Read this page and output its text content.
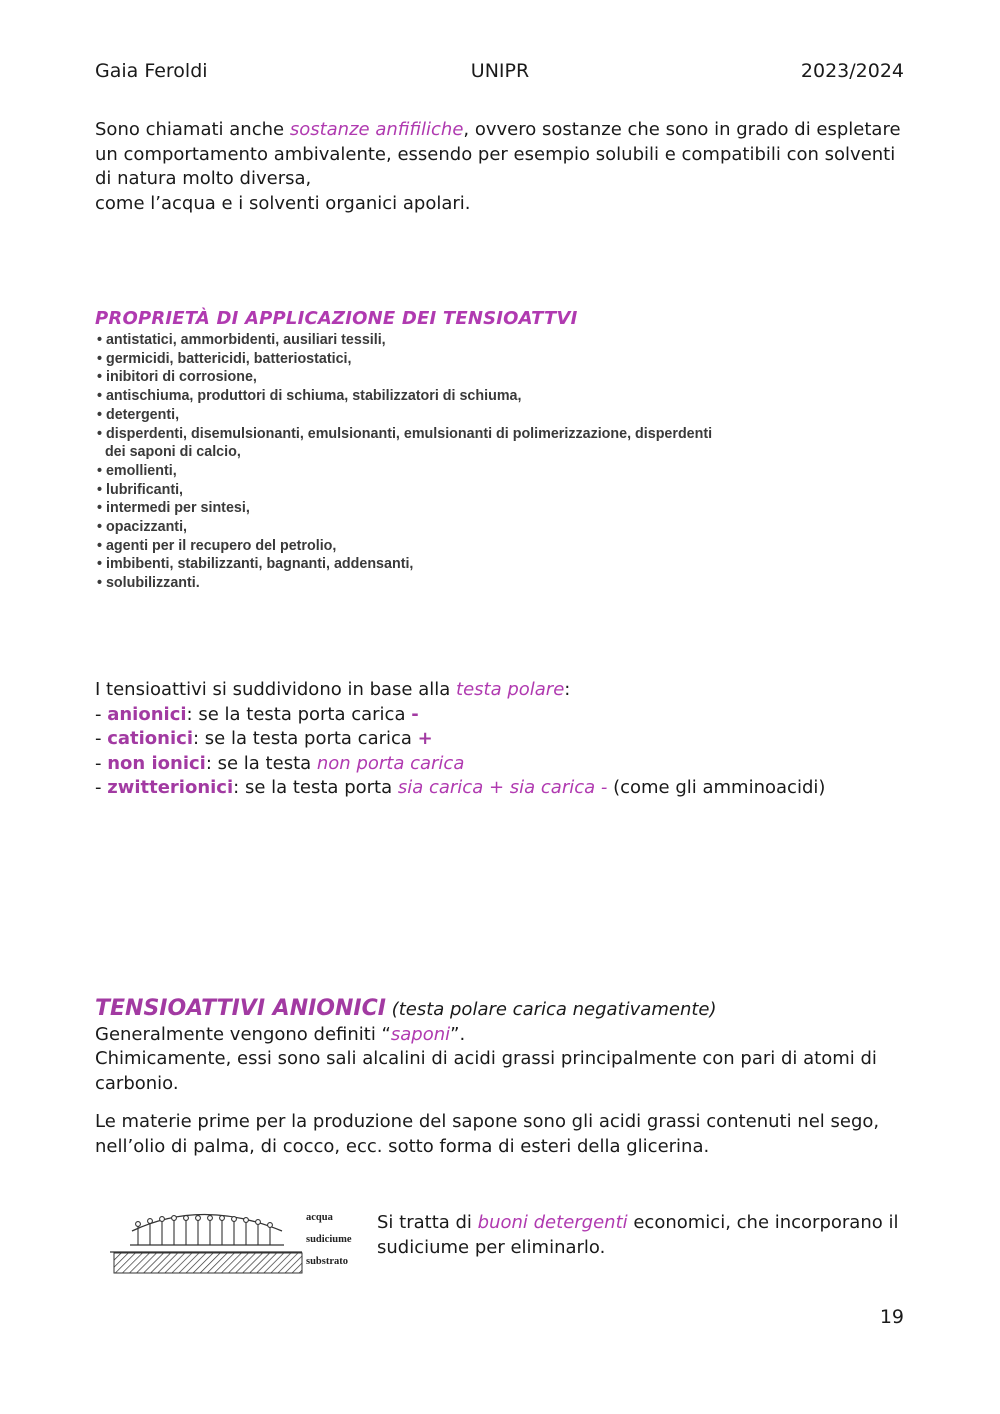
Gaia Feroldi	UNIPR	2023/2024

Sono chiamati anche sostanze anfifiliche, ovvero sostanze che sono in grado di espletare un comportamento ambivalente, essendo per esempio solubili e compatibili con solventi di natura molto diversa,
come l’acqua e i solventi organici apolari.

PROPRIETÀ DI APPLICAZIONE DEI TENSIOATTVI
• antistatici, ammorbidenti, ausiliari tessili,
• germicidi, battericidi, batteriostatici,
• inibitori di corrosione,
• antischiuma, produttori di schiuma, stabilizzatori di schiuma,
• detergenti,
• disperdenti, disemulsionanti, emulsionanti, emulsionanti di polimerizzazione, disperdenti
dei saponi di calcio,
• emollienti,
• lubrificanti,
• intermedi per sintesi,
• opacizzanti,
• agenti per il recupero del petrolio,
• imbibenti, stabilizzanti, bagnanti, addensanti,
• solubilizzanti.
I tensioattivi si suddividono in base alla testa polare:
- anionici: se la testa porta carica -
- cationici: se la testa porta carica +
- non ionici: se la testa non porta carica
- zwitterionici: se la testa porta sia carica + sia carica - (come gli amminoacidi)
TENSIOATTIVI ANIONICI (testa polare carica negativamente)
Generalmente vengono definiti “saponi”.

Chimicamente, essi sono sali alcalini di acidi grassi principalmente con pari di atomi di carbonio.

Le materie prime per la produzione del sapone sono gli acidi grassi contenuti nel sego, nell’olio di palma, di cocco, ecc. sotto forma di esteri della glicerina.

acqua
sudiciume
substrato

Si tratta di buoni detergenti economici, che incorporano il sudiciume per eliminarlo.

19
